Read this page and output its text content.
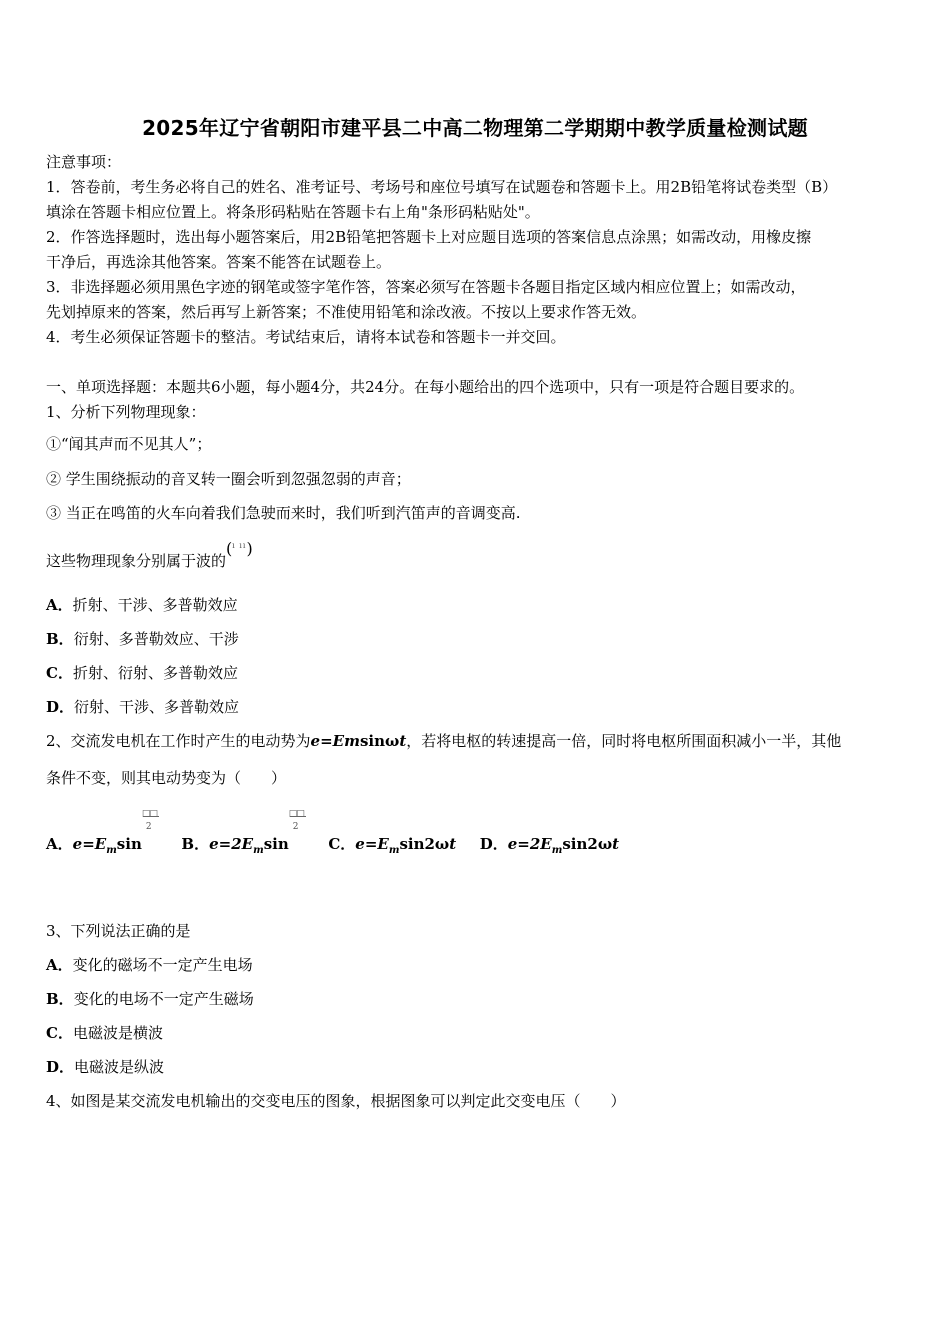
2025年辽宁省朝阳市建平县二中高二物理第二学期期中教学质量检测试题
注意事项：
1．答卷前，考生务必将自己的姓名、准考证号、考场号和座位号填写在试题卷和答题卡上。用2B铅笔将试卷类型（B）
填涂在答题卡相应位置上。将条形码粘贴在答题卡右上角"条形码粘贴处"。
2．作答选择题时，选出每小题答案后，用2B铅笔把答题卡上对应题目选项的答案信息点涂黑；如需改动，用橡皮擦
干净后，再选涂其他答案。答案不能答在试题卷上。
3．非选择题必须用黑色字迹的钢笔或签字笔作答，答案必须写在答题卡各题目指定区域内相应位置上；如需改动，
先划掉原来的答案，然后再写上新答案；不准使用铅笔和涂改液。不按以上要求作答无效。
4．考生必须保证答题卡的整洁。考试结束后，请将本试卷和答题卡一并交回。
一、单项选择题：本题共6小题，每小题4分，共24分。在每小题给出的四个选项中，只有一项是符合题目要求的。
1、分析下列物理现象：
①“闻其声而不见其人”；
② 学生围绕振动的音叉转一圈会听到忽强忽弱的声音；
③ 当正在鸣笛的火车向着我们急驶而来时，我们听到汽笛声的音调变高.
这些物理现象分别属于波的($^{ı ıı}$)
A．折射、干涉、多普勒效应
B．衍射、多普勒效应、干涉
C．折射、衍射、多普勒效应
D．衍射、干涉、多普勒效应
2、交流发电机在工作时产生的电动势为e=Emsinωt，若将电枢的转速提高一倍，同时将电枢所围面积减小一半，其他
条件不变，则其电动势变为（　　）
A．$e=E_m\sin$
□□
2
B．$e=2E_m\sin$
□□
2
C．$e=E_m\sin 2\omega t$ D．$e=2E_m\sin 2\omega t$
3、下列说法正确的是
A．变化的磁场不一定产生电场
B．变化的电场不一定产生磁场
C．电磁波是横波
D．电磁波是纵波
4、如图是某交流发电机输出的交变电压的图象，根据图象可以判定此交变电压（　　）
